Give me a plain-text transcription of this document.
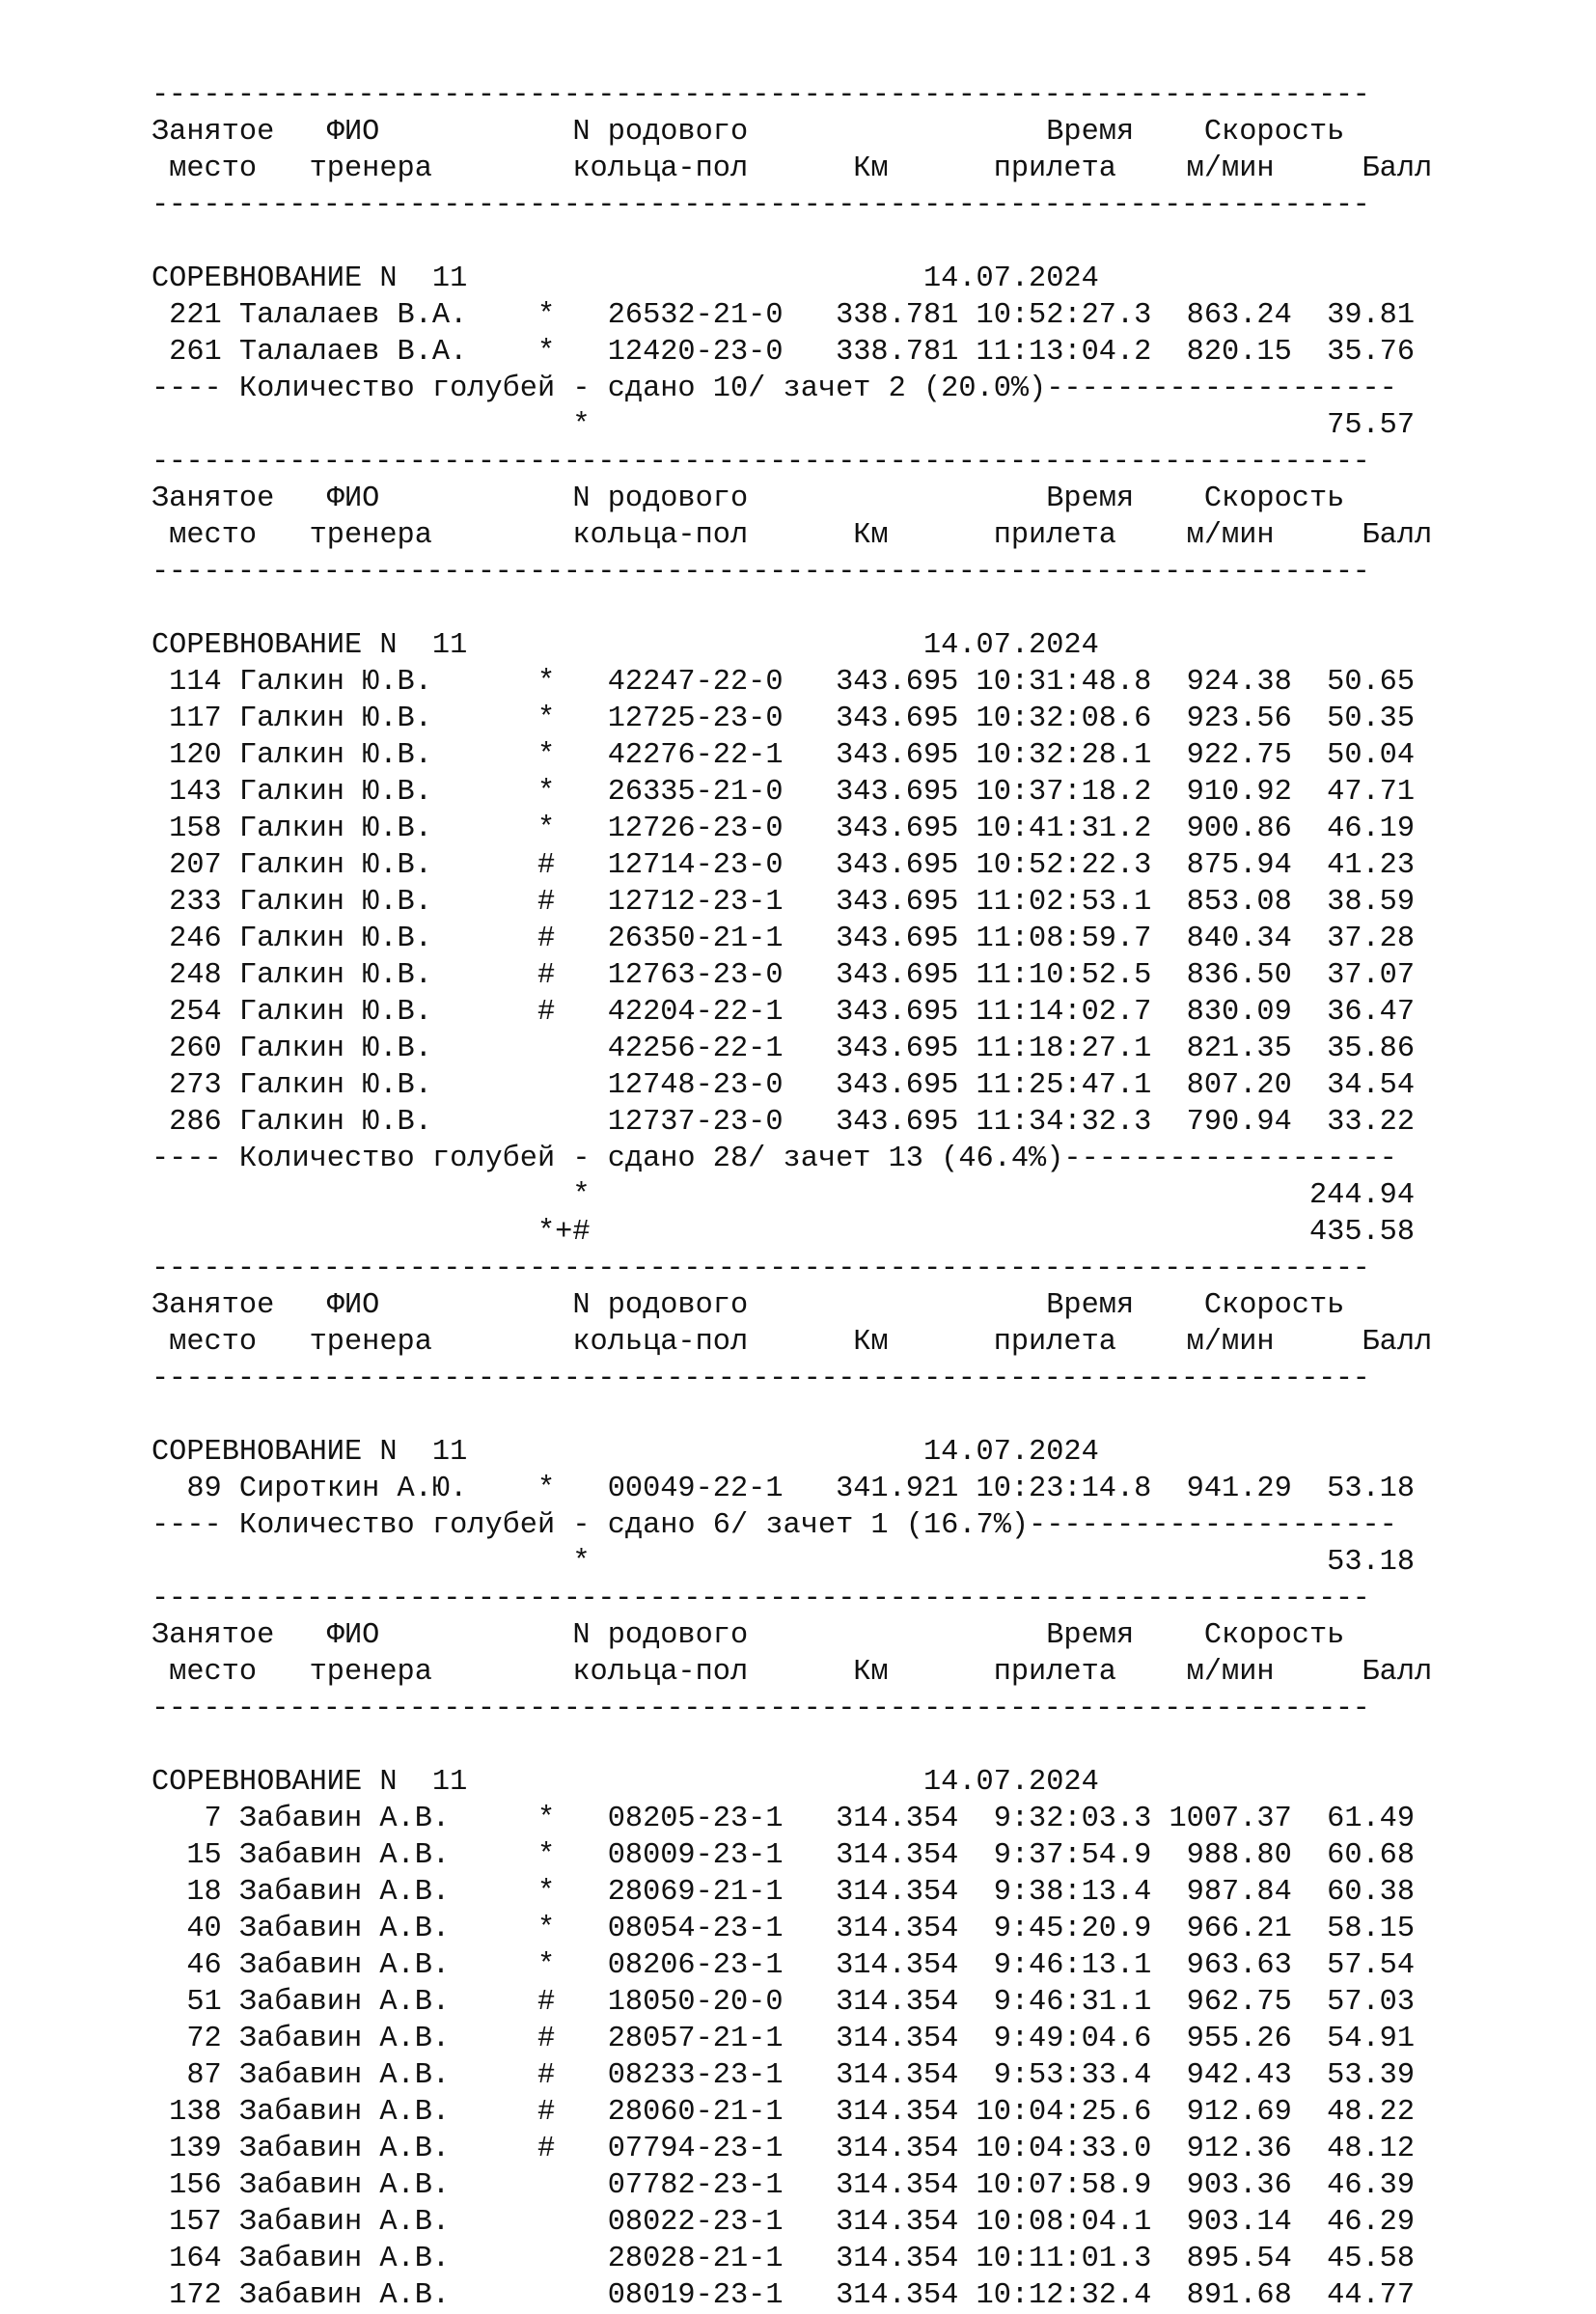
-----------------------------------------------------------------------
Занятое   ФИО           N родового                 Время    Скорость
место   тренера        кольца-пол      Км      прилета    м/мин     Балл
-----------------------------------------------------------------------
СОРЕВНОВАНИЕ N  11                          14.07.2024
221 Талалаев В.А.    *   26532-21-0   338.781 10:52:27.3  863.24  39.81
261 Талалаев В.А.    *   12420-23-0   338.781 11:13:04.2  820.15  35.76
---- Количество голубей - сдано 10/ зачет 2 (20.0%)--------------------
*                                          75.57
-----------------------------------------------------------------------
Занятое   ФИО           N родового                 Время    Скорость
место   тренера        кольца-пол      Км      прилета    м/мин     Балл
-----------------------------------------------------------------------
СОРЕВНОВАНИЕ N  11                          14.07.2024
114 Галкин Ю.В.      *   42247-22-0   343.695 10:31:48.8  924.38  50.65
117 Галкин Ю.В.      *   12725-23-0   343.695 10:32:08.6  923.56  50.35
120 Галкин Ю.В.      *   42276-22-1   343.695 10:32:28.1  922.75  50.04
143 Галкин Ю.В.      *   26335-21-0   343.695 10:37:18.2  910.92  47.71
158 Галкин Ю.В.      *   12726-23-0   343.695 10:41:31.2  900.86  46.19
207 Галкин Ю.В.      #   12714-23-0   343.695 10:52:22.3  875.94  41.23
233 Галкин Ю.В.      #   12712-23-1   343.695 11:02:53.1  853.08  38.59
246 Галкин Ю.В.      #   26350-21-1   343.695 11:08:59.7  840.34  37.28
248 Галкин Ю.В.      #   12763-23-0   343.695 11:10:52.5  836.50  37.07
254 Галкин Ю.В.      #   42204-22-1   343.695 11:14:02.7  830.09  36.47
260 Галкин Ю.В.          42256-22-1   343.695 11:18:27.1  821.35  35.86
273 Галкин Ю.В.          12748-23-0   343.695 11:25:47.1  807.20  34.54
286 Галкин Ю.В.          12737-23-0   343.695 11:34:32.3  790.94  33.22
---- Количество голубей - сдано 28/ зачет 13 (46.4%)-------------------
*                                         244.94
*+#                                         435.58
-----------------------------------------------------------------------
Занятое   ФИО           N родового                 Время    Скорость
место   тренера        кольца-пол      Км      прилета    м/мин     Балл
-----------------------------------------------------------------------
СОРЕВНОВАНИЕ N  11                          14.07.2024
89 Сироткин А.Ю.    *   00049-22-1   341.921 10:23:14.8  941.29  53.18
---- Количество голубей - сдано 6/ зачет 1 (16.7%)---------------------
*                                          53.18
-----------------------------------------------------------------------
Занятое   ФИО           N родового                 Время    Скорость
место   тренера        кольца-пол      Км      прилета    м/мин     Балл
-----------------------------------------------------------------------
СОРЕВНОВАНИЕ N  11                          14.07.2024
7 Забавин А.В.     *   08205-23-1   314.354  9:32:03.3 1007.37  61.49
15 Забавин А.В.     *   08009-23-1   314.354  9:37:54.9  988.80  60.68
18 Забавин А.В.     *   28069-21-1   314.354  9:38:13.4  987.84  60.38
40 Забавин А.В.     *   08054-23-1   314.354  9:45:20.9  966.21  58.15
46 Забавин А.В.     *   08206-23-1   314.354  9:46:13.1  963.63  57.54
51 Забавин А.В.     #   18050-20-0   314.354  9:46:31.1  962.75  57.03
72 Забавин А.В.     #   28057-21-1   314.354  9:49:04.6  955.26  54.91
87 Забавин А.В.     #   08233-23-1   314.354  9:53:33.4  942.43  53.39
138 Забавин А.В.     #   28060-21-1   314.354 10:04:25.6  912.69  48.22
139 Забавин А.В.     #   07794-23-1   314.354 10:04:33.0  912.36  48.12
156 Забавин А.В.         07782-23-1   314.354 10:07:58.9  903.36  46.39
157 Забавин А.В.         08022-23-1   314.354 10:08:04.1  903.14  46.29
164 Забавин А.В.         28028-21-1   314.354 10:11:01.3  895.54  45.58
172 Забавин А.В.         08019-23-1   314.354 10:12:32.4  891.68  44.77
